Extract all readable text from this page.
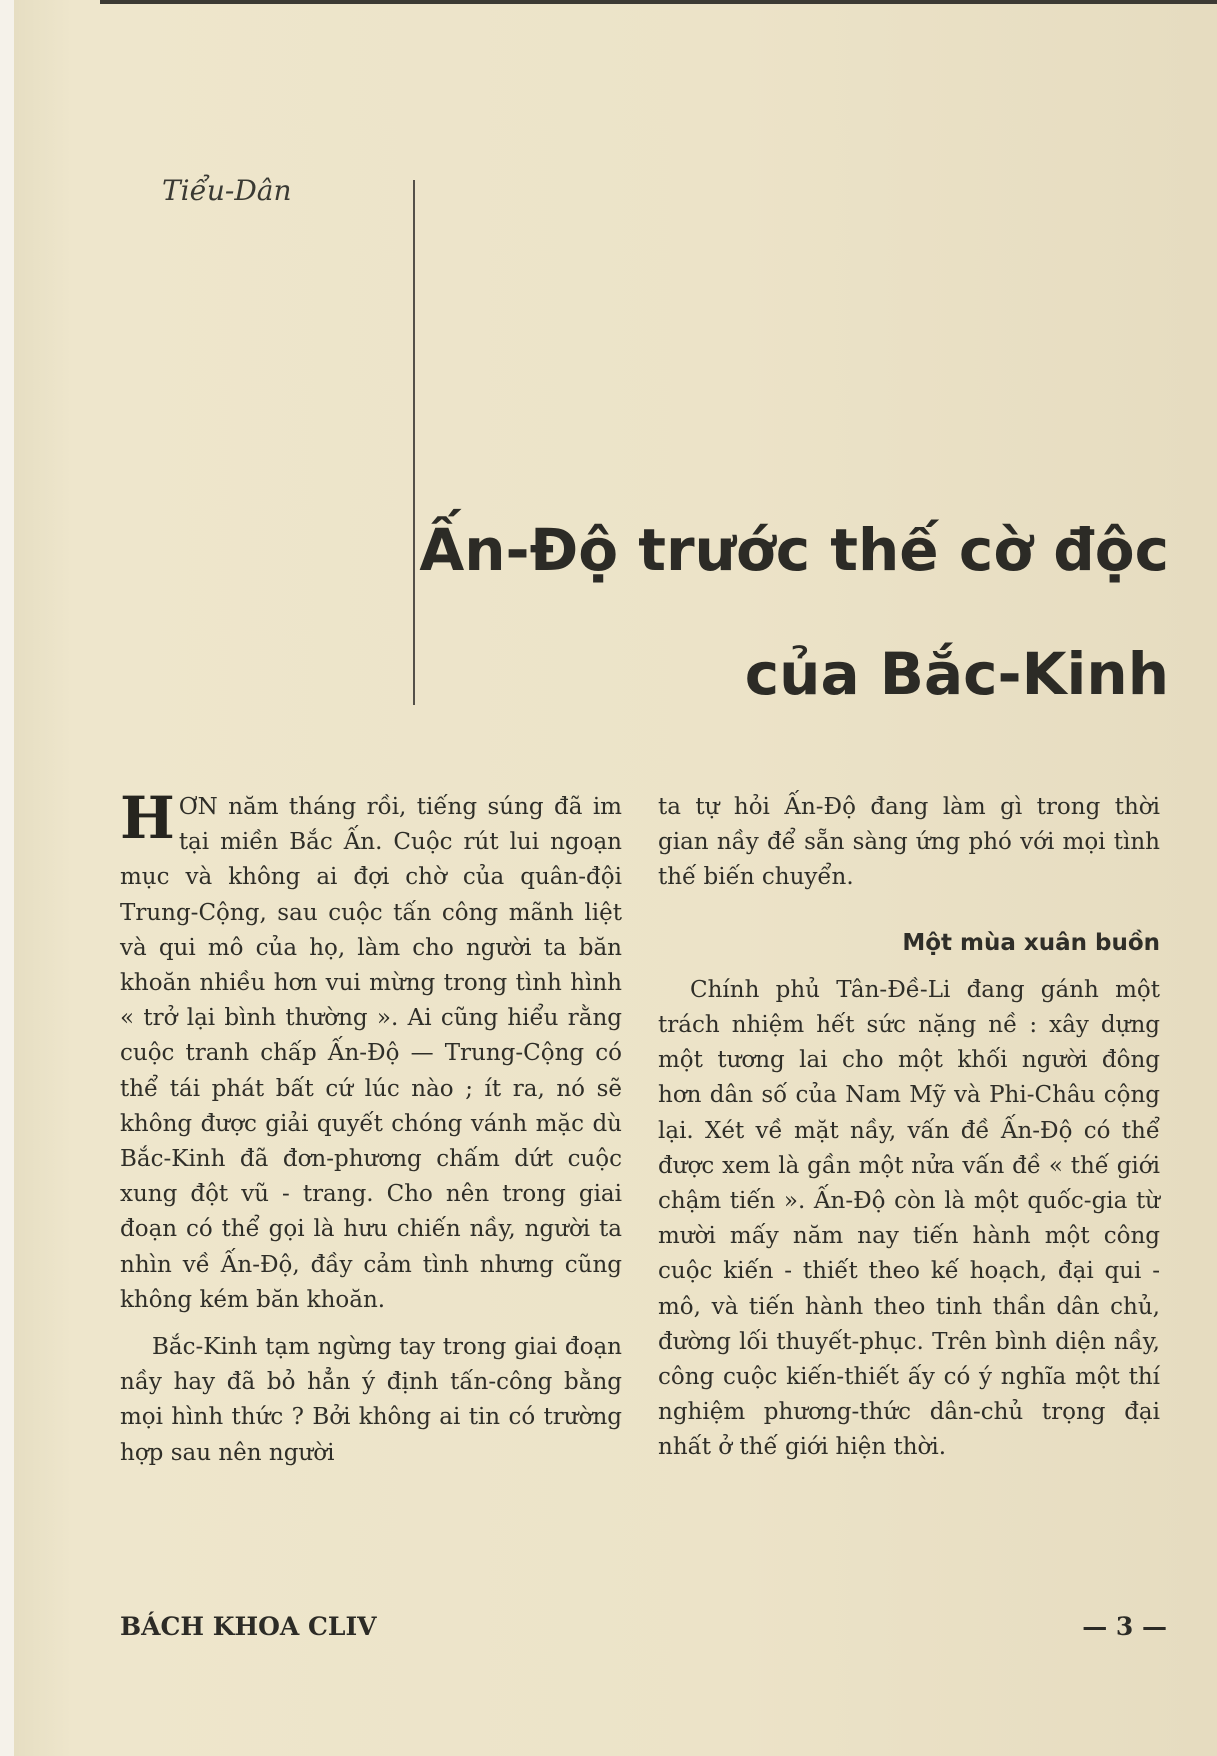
Tiểu-Dân
Ấn-Độ trước thế cờ độc
của Bắc-Kinh

HƠN năm tháng rồi, tiếng súng đã im tại miền Bắc Ấn. Cuộc rút lui ngoạn mục và không ai đợi chờ của quân-đội Trung-Cộng, sau cuộc tấn công mãnh liệt và qui mô của họ, làm cho người ta băn khoăn nhiều hơn vui mừng trong tình hình « trở lại bình thường ». Ai cũng hiểu rằng cuộc tranh chấp Ấn-Độ — Trung-Cộng có thể tái phát bất cứ lúc nào ; ít ra, nó sẽ không được giải quyết chóng vánh mặc dù Bắc-Kinh đã đơn-phương chấm dứt cuộc xung đột vũ - trang. Cho nên trong giai đoạn có thể gọi là hưu chiến nầy, người ta nhìn về Ấn-Độ, đầy cảm tình nhưng cũng không kém băn khoăn.

Bắc-Kinh tạm ngừng tay trong giai đoạn nầy hay đã bỏ hẳn ý định tấn-công bằng mọi hình thức ? Bởi không ai tin có trường hợp sau nên người

ta tự hỏi Ấn-Độ đang làm gì trong thời gian nầy để sẵn sàng ứng phó với mọi tình thế biến chuyển.

Một mùa xuân buồn

Chính phủ Tân-Đề-Li đang gánh một trách nhiệm hết sức nặng nề : xây dựng một tương lai cho một khối người đông hơn dân số của Nam Mỹ và Phi-Châu cộng lại. Xét về mặt nầy, vấn đề Ấn-Độ có thể được xem là gần một nửa vấn đề « thế giới chậm tiến ». Ấn-Độ còn là một quốc-gia từ mười mấy năm nay tiến hành một công cuộc kiến - thiết theo kế hoạch, đại qui - mô, và tiến hành theo tinh thần dân chủ, đường lối thuyết-phục. Trên bình diện nầy, công cuộc kiến-thiết ấy có ý nghĩa một thí nghiệm phương-thức dân-chủ trọng đại nhất ở thế giới hiện thời.

BÁCH KHOA CLIV	— 3 —
